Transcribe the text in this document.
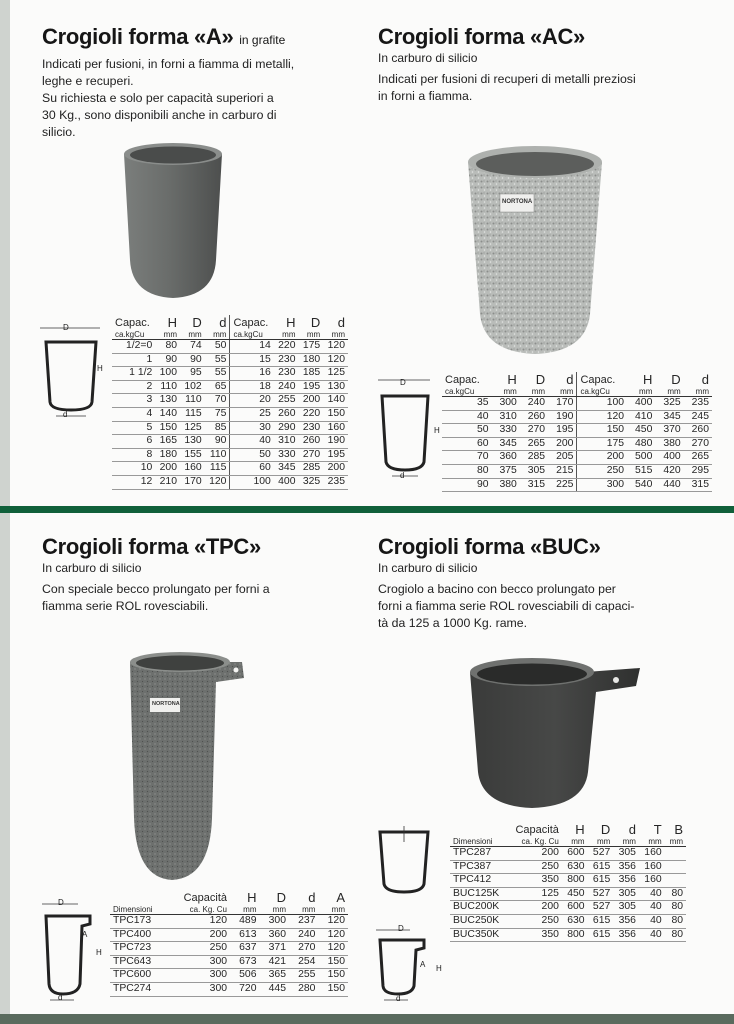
Crogioli forma «A» in grafite
Indicati per fusioni, in forni a fiamma di metalli,
leghe e recuperi.
Su richiesta e solo per capacità superiori a
30 Kg., sono disponibili anche in carburo di
silicio.
D
H
d
Capac.	H	D	d	Capac.	H	D	d
ca.kgCu	mm	mm	mm	ca.kgCu	mm	mm	mm
1/2=0	80	74	50	14	220	175	120
1	90	90	55	15	230	180	120
1 1/2	100	95	55	16	230	185	125
2	110	102	65	18	240	195	130
3	130	110	70	20	255	200	140
4	140	115	75	25	260	220	150
5	150	125	85	30	290	230	160
6	165	130	90	40	310	260	190
8	180	155	110	50	330	270	195
10	200	160	115	60	345	285	200
12	210	170	120	100	400	325	235
Crogioli forma «AC»
In carburo di silicio
Indicati per fusioni di recuperi di metalli preziosi
in forni a fiamma.
NORTONA
D
H
d
Capac.	H	D	d	Capac.	H	D	d
ca.kgCu	mm	mm	mm	ca.kgCu	mm	mm	mm
35	300	240	170	100	400	325	235
40	310	260	190	120	410	345	245
50	330	270	195	150	450	370	260
60	345	265	200	175	480	380	270
70	360	285	205	200	500	400	265
80	375	305	215	250	515	420	295
90	380	315	225	300	540	440	315
Crogioli forma «TPC»
In carburo di silicio
Con speciale becco prolungato per forni a
fiamma serie ROL rovesciabili.
NORTONA
D
A
H
d
	Capacità	H	D	d	A
Dimensioni	ca. Kg. Cu	mm	mm	mm	mm
TPC173	120	489	300	237	120
TPC400	200	613	360	240	120
TPC723	250	637	371	270	120
TPC643	300	673	421	254	150
TPC600	300	506	365	255	150
TPC274	300	720	445	280	150
Crogioli forma «BUC»
In carburo di silicio
Crogiolo a bacino con becco prolungato per
forni a fiamma serie ROL rovesciabili di capaci-
tà da 125 a 1000 Kg. rame.
D
A H
d
	Capacità	H	D	d	T	B
Dimensioni	ca. Kg. Cu	mm	mm	mm	mm	mm
TPC287	200	600	527	305	160	
TPC387	250	630	615	356	160	
TPC412	350	800	615	356	160	
BUC125K	125	450	527	305	40	80
BUC200K	200	600	527	305	40	80
BUC250K	250	630	615	356	40	80
BUC350K	350	800	615	356	40	80
